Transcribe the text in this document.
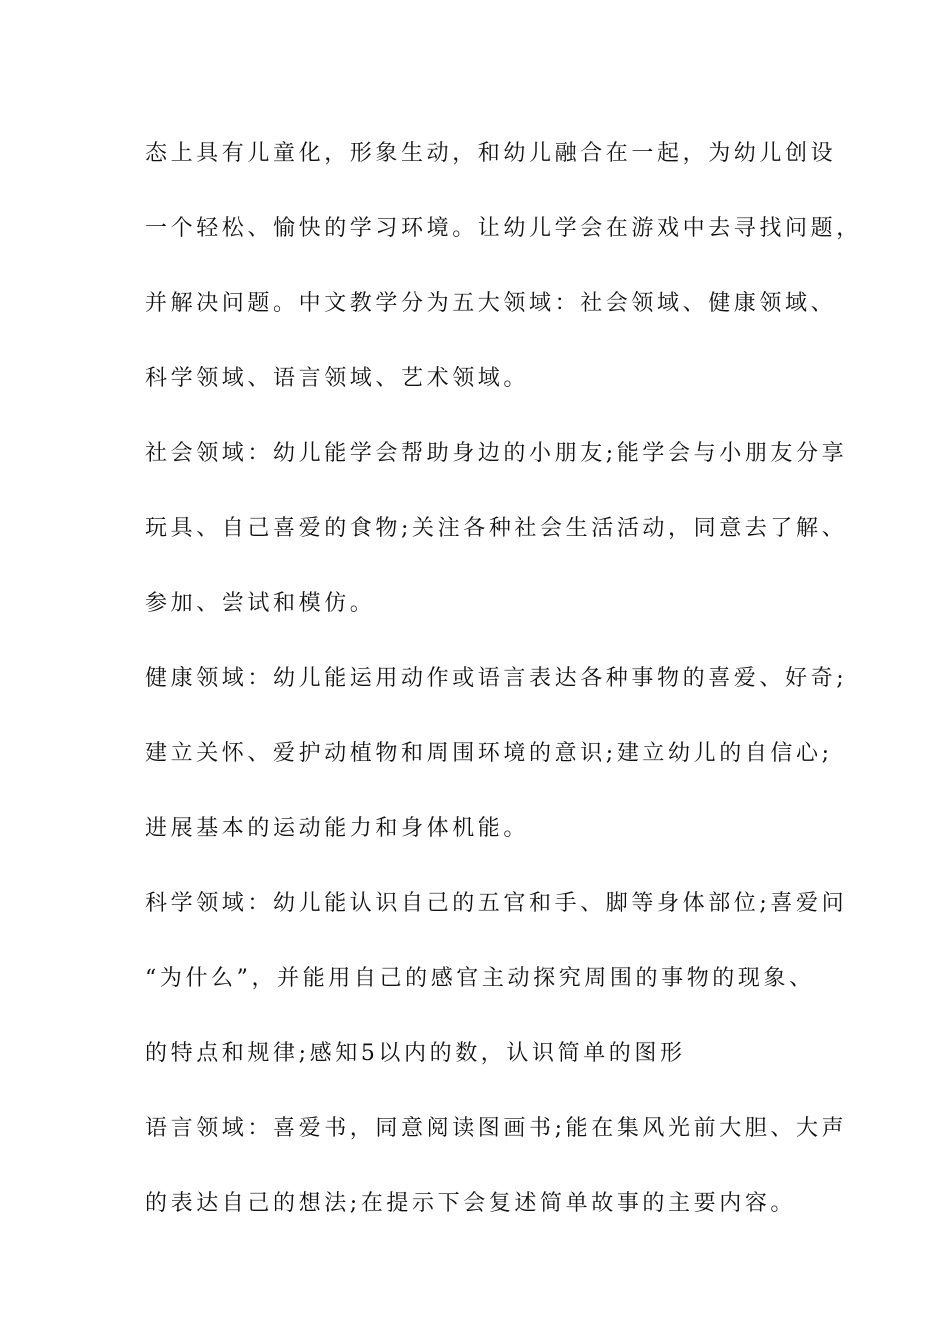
态上具有儿童化，形象生动，和幼儿融合在一起，为幼儿创设
一个轻松、愉快的学习环境。让幼儿学会在游戏中去寻找问题，
并解决问题。中文教学分为五大领域：社会领域、健康领域、
科学领域、语言领域、艺术领域。
社会领域：幼儿能学会帮助身边的小朋友;能学会与小朋友分享
玩具、自己喜爱的食物;关注各种社会生活活动，同意去了解、
参加、尝试和模仿。
健康领域：幼儿能运用动作或语言表达各种事物的喜爱、好奇;
建立关怀、爱护动植物和周围环境的意识;建立幼儿的自信心;
进展基本的运动能力和身体机能。
科学领域：幼儿能认识自己的五官和手、脚等身体部位;喜爱问
“为什么”，并能用自己的感官主动探究周围的事物的现象、
的特点和规律;感知5以内的数，认识简单的图形
语言领域：喜爱书，同意阅读图画书;能在集风光前大胆、大声
的表达自己的想法;在提示下会复述简单故事的主要内容。
